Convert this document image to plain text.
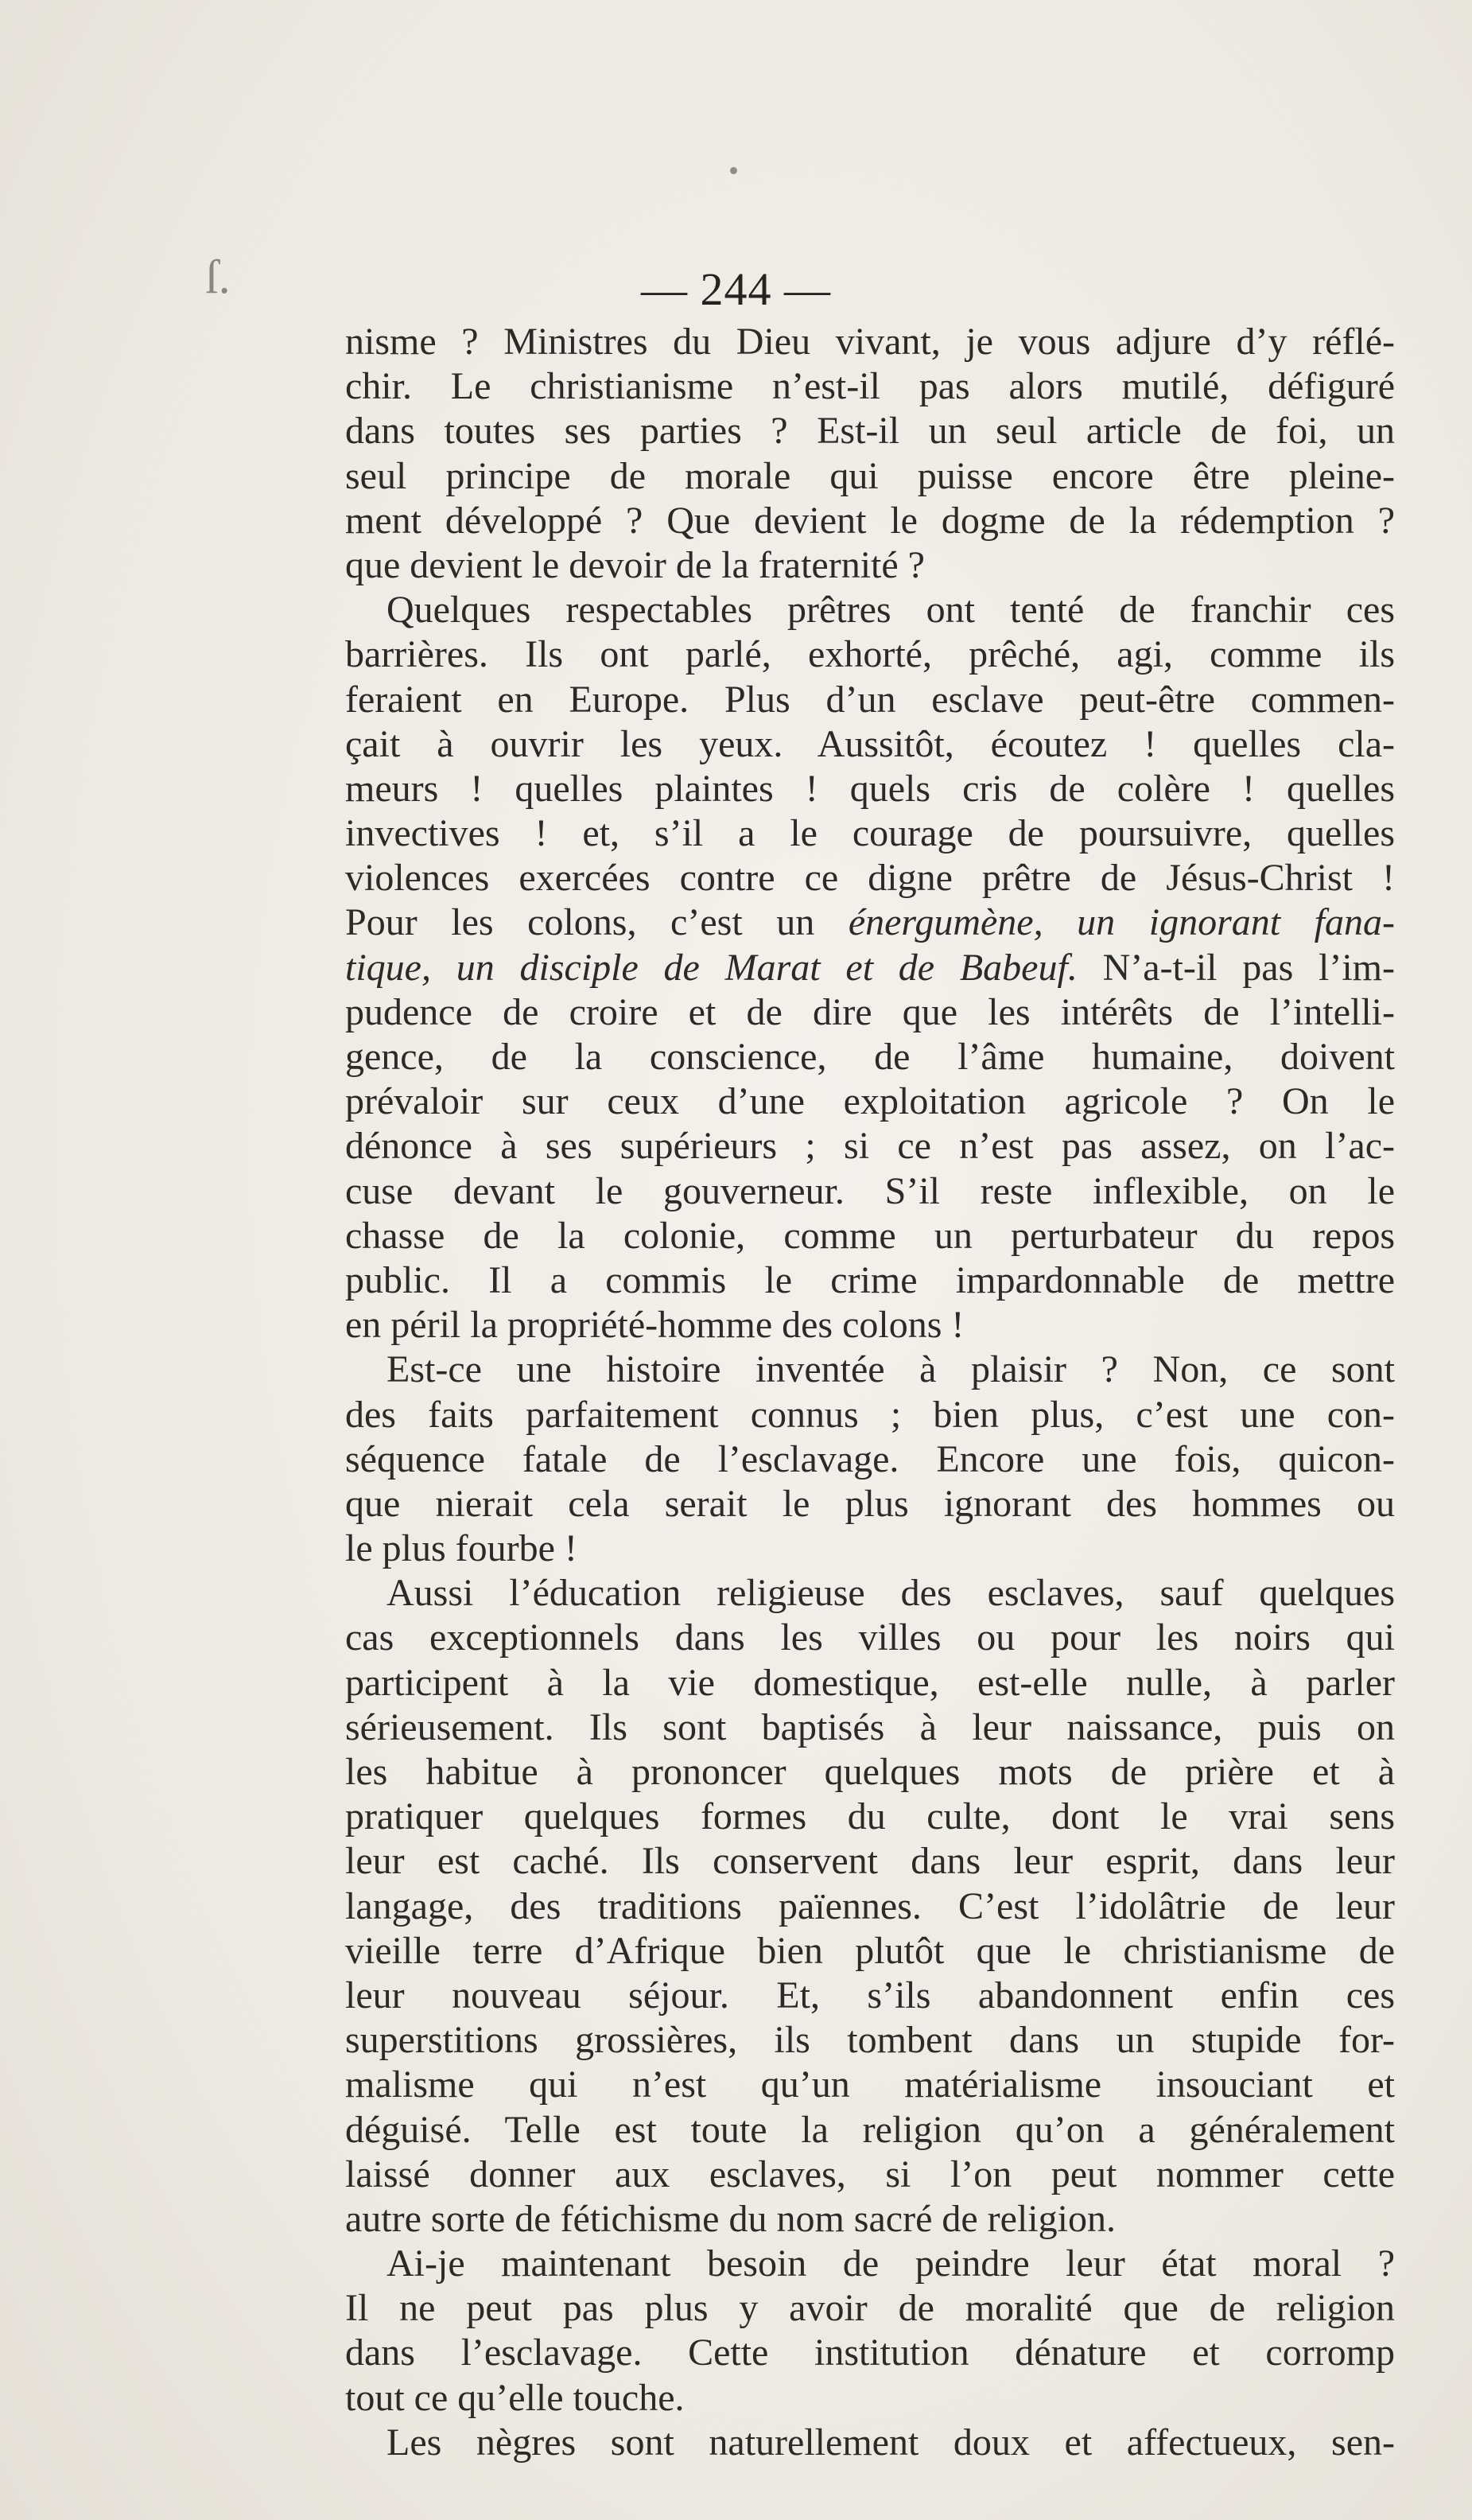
ſ.	— 244 —
nisme ? Ministres du Dieu vivant, je vous adjure d’y réflé-
chir. Le christianisme n’est-il pas alors mutilé, défiguré
dans toutes ses parties ? Est-il un seul article de foi, un
seul principe de morale qui puisse encore être pleine-
ment développé ? Que devient le dogme de la rédemption ?
que devient le devoir de la fraternité ?
Quelques respectables prêtres ont tenté de franchir ces
barrières. Ils ont parlé, exhorté, prêché, agi, comme ils
feraient en Europe. Plus d’un esclave peut-être commen-
çait à ouvrir les yeux. Aussitôt, écoutez ! quelles cla-
meurs ! quelles plaintes ! quels cris de colère ! quelles
invectives ! et, s’il a le courage de poursuivre, quelles
violences exercées contre ce digne prêtre de Jésus-Christ !
Pour les colons, c’est un énergumène, un ignorant fana-
tique, un disciple de Marat et de Babeuf. N’a-t-il pas l’im-
pudence de croire et de dire que les intérêts de l’intelli-
gence, de la conscience, de l’âme humaine, doivent
prévaloir sur ceux d’une exploitation agricole ? On le
dénonce à ses supérieurs ; si ce n’est pas assez, on l’ac-
cuse devant le gouverneur. S’il reste inflexible, on le
chasse de la colonie, comme un perturbateur du repos
public. Il a commis le crime impardonnable de mettre
en péril la propriété-homme des colons !
Est-ce une histoire inventée à plaisir ? Non, ce sont
des faits parfaitement connus ; bien plus, c’est une con-
séquence fatale de l’esclavage. Encore une fois, quicon-
que nierait cela serait le plus ignorant des hommes ou
le plus fourbe !
Aussi l’éducation religieuse des esclaves, sauf quelques
cas exceptionnels dans les villes ou pour les noirs qui
participent à la vie domestique, est-elle nulle, à parler
sérieusement. Ils sont baptisés à leur naissance, puis on
les habitue à prononcer quelques mots de prière et à
pratiquer quelques formes du culte, dont le vrai sens
leur est caché. Ils conservent dans leur esprit, dans leur
langage, des traditions païennes. C’est l’idolâtrie de leur
vieille terre d’Afrique bien plutôt que le christianisme de
leur nouveau séjour. Et, s’ils abandonnent enfin ces
superstitions grossières, ils tombent dans un stupide for-
malisme qui n’est qu’un matérialisme insouciant et
déguisé. Telle est toute la religion qu’on a généralement
laissé donner aux esclaves, si l’on peut nommer cette
autre sorte de fétichisme du nom sacré de religion.
Ai-je maintenant besoin de peindre leur état moral ?
Il ne peut pas plus y avoir de moralité que de religion
dans l’esclavage. Cette institution dénature et corromp
tout ce qu’elle touche.
Les nègres sont naturellement doux et affectueux, sen-
